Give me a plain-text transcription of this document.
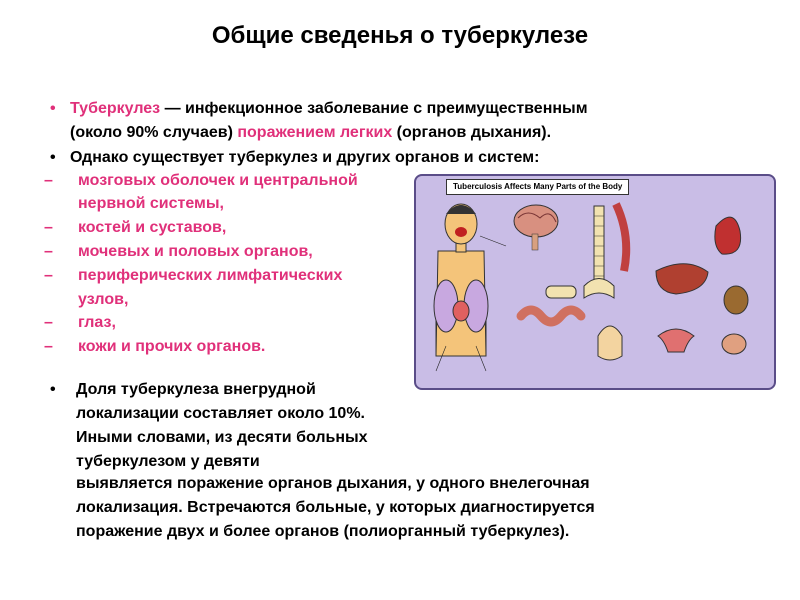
Общие сведенья о туберкулезе
• Туберкулез — инфекционное заболевание с преимущественным
(около 90% случаев) поражением легких (органов дыхания).
• Однако существует туберкулез и других органов и систем:
– мозговых оболочек и центральной
нервной системы,
– костей и суставов,
– мочевых и половых органов,
– периферических лимфатических
узлов,
– глаз,
– кожи и прочих органов.
• Доля туберкулеза внегрудной
локализации составляет около 10%.
Иными словами, из десяти больных
туберкулезом у девяти
выявляется поражение органов дыхания, у одного внелегочная
локализация. Встречаются больные, у которых диагностируется
поражение двух и более органов (полиорганный туберкулез).
Tuberculosis Affects Many Parts of the Body
